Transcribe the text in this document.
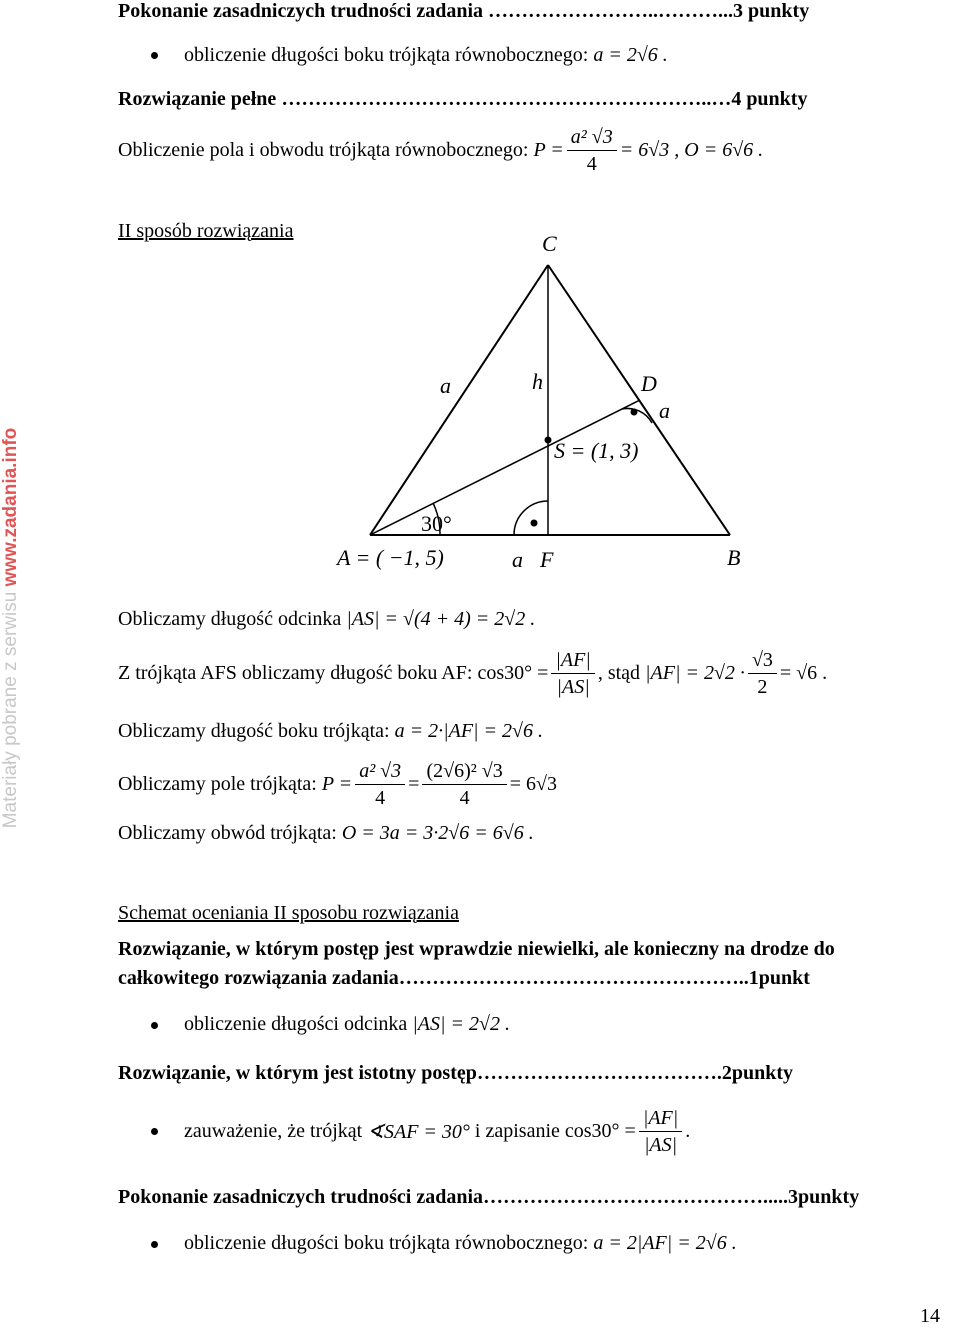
Materiały pobrane z serwisu www.zadania.info
Pokonanie zasadniczych trudności zadania ……………………..………...3 punkty
obliczenie długości boku trójkąta równobocznego: a = 2√6 .
Rozwiązanie pełne ………………………………………………………..…4 punkty
Obliczenie pola i obwodu trójkąta równobocznego:
$P = \frac{\text{a² √3}}{4} = 6√3$ , O = 6√6 .
II sposób rozwiązania	C
a	h	D
a
S = (1, 3)
30°
a F	B
A = ( −1, 5)
Obliczamy długość odcinka |AS| = √(4 + 4) = 2√2 .
Z trójkąta AFS obliczamy długość boku AF:
$\cos 30^\circ = \frac{|AF|}{|AS|}$ , stąd
$|AF| = 2√2 \cdot \frac{√3}{2} = √6$ .
Obliczamy długość boku trójkąta: a = 2·|AF| = 2√6 .
Obliczamy pole trójkąta:
$P = \frac{\text{a² √3}}{4} = \frac{\text{(2√6)² √3}}{4} = 6√3$
Obliczamy obwód trójkąta: O = 3a = 3·2√6 = 6√6 .
Schemat oceniania II sposobu rozwiązania
Rozwiązanie, w którym postęp jest wprawdzie niewielki, ale konieczny na drodze do
całkowitego rozwiązania zadania……………………………………………..1punkt
obliczenie długości odcinka |AS| = 2√2 .
Rozwiązanie, w którym jest istotny postęp……………………………….2punkty
zauważenie, że trójkąt
∢SAF = 30°
i zapisanie
$\cos 30^\circ = \frac{|AF|}{|AS|}$ .
Pokonanie zasadniczych trudności zadania…………………………………….....3punkty
obliczenie długości boku trójkąta równobocznego: a = 2|AF| = 2√6 .
14
